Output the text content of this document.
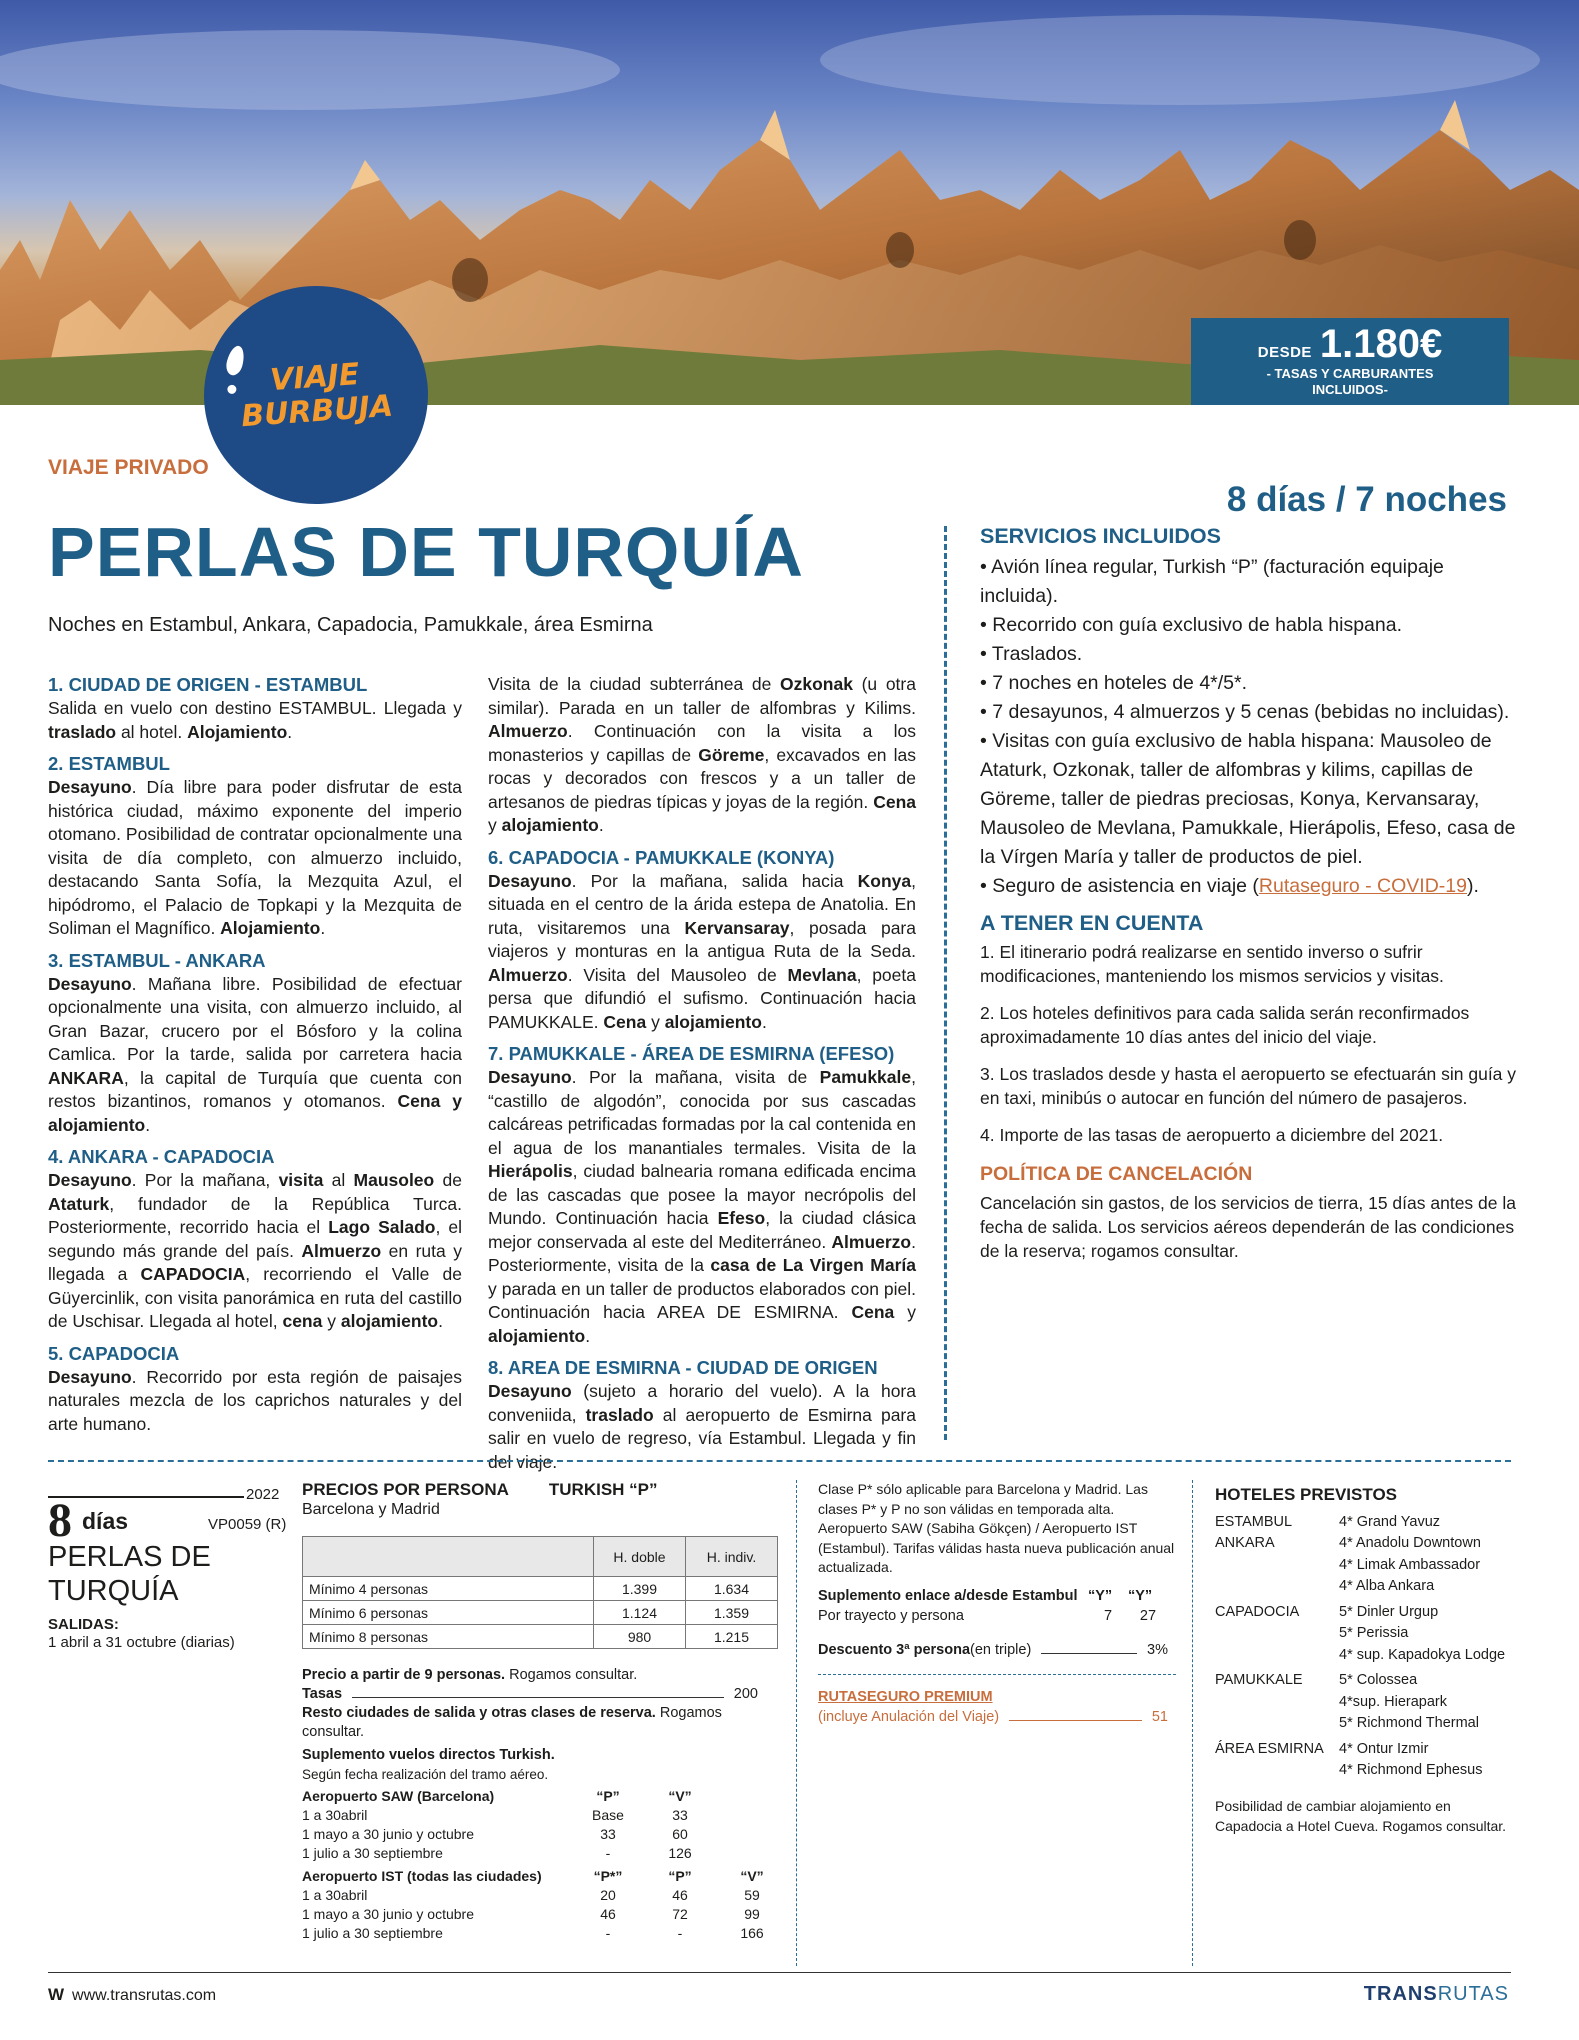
DESDE 1.180€
- TASAS Y CARBURANTES INCLUIDOS-
VIAJE
BURBUJA
VIAJE PRIVADO
8 días / 7 noches
PERLAS DE TURQUÍA
Noches en Estambul, Ankara, Capadocia, Pamukkale, área Esmirna
1. CIUDAD DE ORIGEN - ESTAMBUL

Salida en vuelo con destino ESTAMBUL. Llegada y traslado al hotel. Alojamiento.

2. ESTAMBUL

Desayuno. Día libre para poder disfrutar de esta histórica ciudad, máximo exponente del imperio otomano. Posibilidad de contratar opcionalmente una visita de día completo, con almuerzo incluido, destacando Santa Sofía, la Mezquita Azul, el hipódromo, el Palacio de Topkapi y la Mezquita de Soliman el Magnífico. Alojamiento.

3. ESTAMBUL - ANKARA

Desayuno. Mañana libre. Posibilidad de efectuar opcionalmente una visita, con almuerzo incluido, al Gran Bazar, crucero por el Bósforo y la colina Camlica. Por la tarde, salida por carretera hacia ANKARA, la capital de Turquía que cuenta con restos bizantinos, romanos y otomanos. Cena y alojamiento.

4. ANKARA - CAPADOCIA

Desayuno. Por la mañana, visita al Mausoleo de Ataturk, fundador de la República Turca. Posteriormente, recorrido hacia el Lago Salado, el segundo más grande del país. Almuerzo en ruta y llegada a CAPADOCIA, recorriendo el Valle de Güyercinlik, con visita panorámica en ruta del castillo de Uschisar. Llegada al hotel, cena y alojamiento.

5. CAPADOCIA

Desayuno. Recorrido por esta región de paisajes naturales mezcla de los caprichos naturales y del arte humano.

Visita de la ciudad subterránea de Ozkonak (u otra similar). Parada en un taller de alfombras y Kilims. Almuerzo. Continuación con la visita a los monasterios y capillas de Göreme, excavados en las rocas y decorados con frescos y a un taller de artesanos de piedras típicas y joyas de la región. Cena y alojamiento.

6. CAPADOCIA - PAMUKKALE (KONYA)

Desayuno. Por la mañana, salida hacia Konya, situada en el centro de la árida estepa de Anatolia. En ruta, visitaremos una Kervansaray, posada para viajeros y monturas en la antigua Ruta de la Seda. Almuerzo. Visita del Mausoleo de Mevlana, poeta persa que difundió el sufismo. Continuación hacia PAMUKKALE. Cena y alojamiento.

7. PAMUKKALE - ÁREA DE ESMIRNA (EFESO)

Desayuno. Por la mañana, visita de Pamukkale, “castillo de algodón”, conocida por sus cascadas calcáreas petrificadas formadas por la cal contenida en el agua de los manantiales termales. Visita de la Hierápolis, ciudad balnearia romana edificada encima de las cascadas que posee la mayor necrópolis del Mundo. Continuación hacia Efeso, la ciudad clásica mejor conservada al este del Mediterráneo. Almuerzo. Posteriormente, visita de la casa de La Virgen María y parada en un taller de productos elaborados con piel. Continuación hacia AREA DE ESMIRNA. Cena y alojamiento.

8. AREA DE ESMIRNA - CIUDAD DE ORIGEN

Desayuno (sujeto a horario del vuelo). A la hora conveniida, traslado al aeropuerto de Esmirna para salir en vuelo de regreso, vía Estambul. Llegada y fin del viaje.

SERVICIOS INCLUIDOS
• Avión línea regular, Turkish “P” (facturación equipaje incluida).
• Recorrido con guía exclusivo de habla hispana.
• Traslados.
• 7 noches en hoteles de 4*/5*.
• 7 desayunos, 4 almuerzos y 5 cenas (bebidas no incluidas).
• Visitas con guía exclusivo de habla hispana: Mausoleo de Ataturk, Ozkonak, taller de alfombras y kilims, capillas de Göreme, taller de piedras preciosas, Konya, Kervansaray, Mausoleo de Mevlana, Pamukkale, Hierápolis, Efeso, casa de la Vírgen María y taller de productos de piel.
• Seguro de asistencia en viaje (Rutaseguro - COVID-19).
A TENER EN CUENTA
1. El itinerario podrá realizarse en sentido inverso o sufrir modificaciones, manteniendo los mismos servicios y visitas.
2. Los hoteles definitivos para cada salida serán reconfirmados aproximadamente 10 días antes del inicio del viaje.
3. Los traslados desde y hasta el aeropuerto se efectuarán sin guía y en taxi, minibús o autocar en función del número de pasajeros.
4. Importe de las tasas de aeropuerto a diciembre del 2021.
POLÍTICA DE CANCELACIÓN
Cancelación sin gastos, de los servicios de tierra, 15 días antes de la fecha de salida. Los servicios aéreos dependerán de las condiciones de la reserva; rogamos consultar.
2022
8 días	VP0059 (R)
PERLAS DE TURQUÍA
SALIDAS:
1 abril a 31 octubre (diarias)
PRECIOS POR PERSONA TURKISH “P”
Barcelona y Madrid
	H. doble	H. indiv.
Mínimo 4 personas	1.399	1.634
Mínimo 6 personas	1.124	1.359
Mínimo 8 personas	980	1.215
Precio a partir de 9 personas. Rogamos consultar.
Tasas	200
Resto ciudades de salida y otras clases de reserva. Rogamos consultar.
Suplemento vuelos directos Turkish.
Según fecha realización del tramo aéreo.
Aeropuerto SAW (Barcelona)	“P”	“V”
1 a 30abril	Base	33
1 mayo a 30 junio y octubre	33	60
1 julio a 30 septiembre	-	126
Aeropuerto IST (todas las ciudades)	“P*”	“P”	“V”
1 a 30abril	20	46	59
1 mayo a 30 junio y octubre	46	72	99
1 julio a 30 septiembre	-	-	166
Clase P* sólo aplicable para Barcelona y Madrid. Las clases P* y P no son válidas en temporada alta. Aeropuerto SAW (Sabiha Gökçen) / Aeropuerto IST (Estambul). Tarifas válidas hasta nueva publicación anual actualizada.
Suplemento enlace a/desde Estambul “Y”	“Y”
Por trayecto y persona	7	27
Descuento 3ª persona (en triple)	3%
RUTASEGURO PREMIUM
(incluye Anulación del Viaje)	51
HOTELES PREVISTOS
ESTAMBUL	4* Grand Yavuz
ANKARA	4* Anadolu Downtown
4* Limak Ambassador
4* Alba Ankara
CAPADOCIA	5* Dinler Urgup
5* Perissia
4* sup. Kapadokya Lodge
PAMUKKALE	5* Colossea
4*sup. Hierapark
5* Richmond Thermal
ÁREA ESMIRNA	4* Ontur Izmir
4* Richmond Ephesus
Posibilidad de cambiar alojamiento en Capadocia a Hotel Cueva. Rogamos consultar.
W www.transrutas.com	TRANSRUTAS
